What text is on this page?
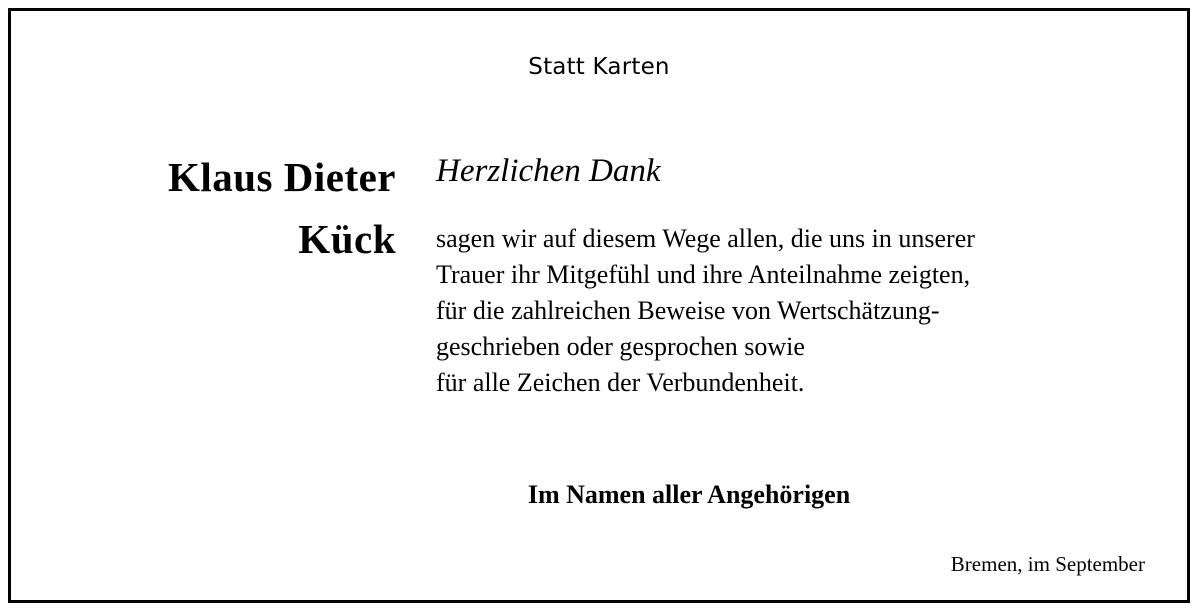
Statt Karten
Klaus Dieter
Kück
Herzlichen Dank
sagen wir auf diesem Wege allen, die uns in unserer
Trauer ihr Mitgefühl und ihre Anteilnahme zeigten,
für die zahlreichen Beweise von Wertschätzung-
geschrieben oder gesprochen sowie
für alle Zeichen der Verbundenheit.
Im Namen aller Angehörigen
Bremen, im September
